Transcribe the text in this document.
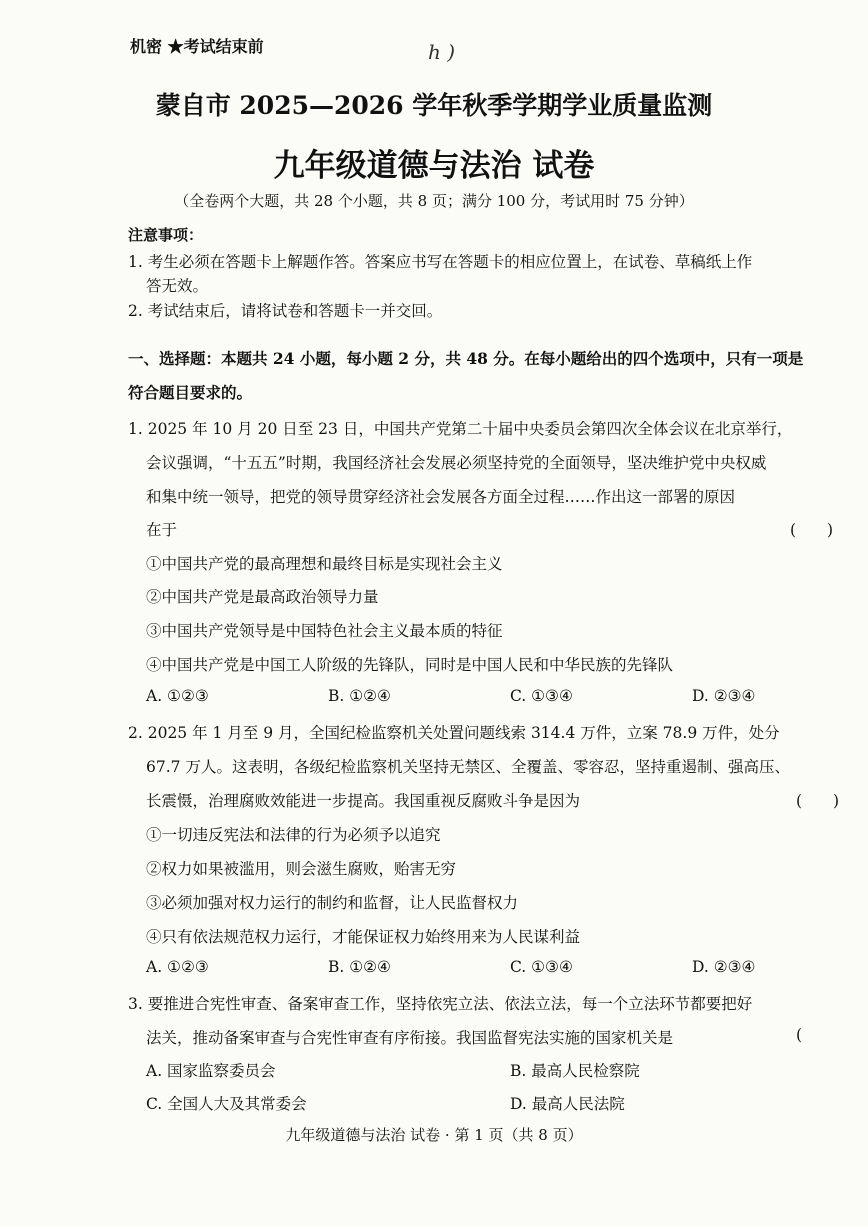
机密 ★考试结束前	h )
蒙自市 2025—2026 学年秋季学期学业质量监测
九年级道德与法治 试卷
（全卷两个大题，共 28 个小题，共 8 页；满分 100 分，考试用时 75 分钟）
注意事项：
1. 考生必须在答题卡上解题作答。答案应书写在答题卡的相应位置上，在试卷、草稿纸上作
答无效。
2. 考试结束后，请将试卷和答题卡一并交回。
一、选择题：本题共 24 小题，每小题 2 分，共 48 分。在每小题给出的四个选项中，只有一项是
符合题目要求的。
1. 2025 年 10 月 20 日至 23 日，中国共产党第二十届中央委员会第四次全体会议在北京举行，
会议强调，“十五五”时期，我国经济社会发展必须坚持党的全面领导，坚决维护党中央权威
和集中统一领导，把党的领导贯穿经济社会发展各方面全过程……作出这一部署的原因
在于	(　　)
①中国共产党的最高理想和最终目标是实现社会主义
②中国共产党是最高政治领导力量
③中国共产党领导是中国特色社会主义最本质的特征
④中国共产党是中国工人阶级的先锋队，同时是中国人民和中华民族的先锋队
A. ①②③	B. ①②④	C. ①③④	D. ②③④
2. 2025 年 1 月至 9 月，全国纪检监察机关处置问题线索 314.4 万件，立案 78.9 万件，处分
67.7 万人。这表明，各级纪检监察机关坚持无禁区、全覆盖、零容忍，坚持重遏制、强高压、
长震慑，治理腐败效能进一步提高。我国重视反腐败斗争是因为	(　　)
①一切违反宪法和法律的行为必须予以追究
②权力如果被滥用，则会滋生腐败，贻害无穷
③必须加强对权力运行的制约和监督，让人民监督权力
④只有依法规范权力运行，才能保证权力始终用来为人民谋利益
A. ①②③	B. ①②④	C. ①③④	D. ②③④
3. 要推进合宪性审查、备案审查工作，坚持依宪立法、依法立法，每一个立法环节都要把好
法关，推动备案审查与合宪性审查有序衔接。我国监督宪法实施的国家机关是	(
A. 国家监察委员会	B. 最高人民检察院
C. 全国人大及其常委会	D. 最高人民法院
九年级道德与法治 试卷 · 第 1 页（共 8 页）
